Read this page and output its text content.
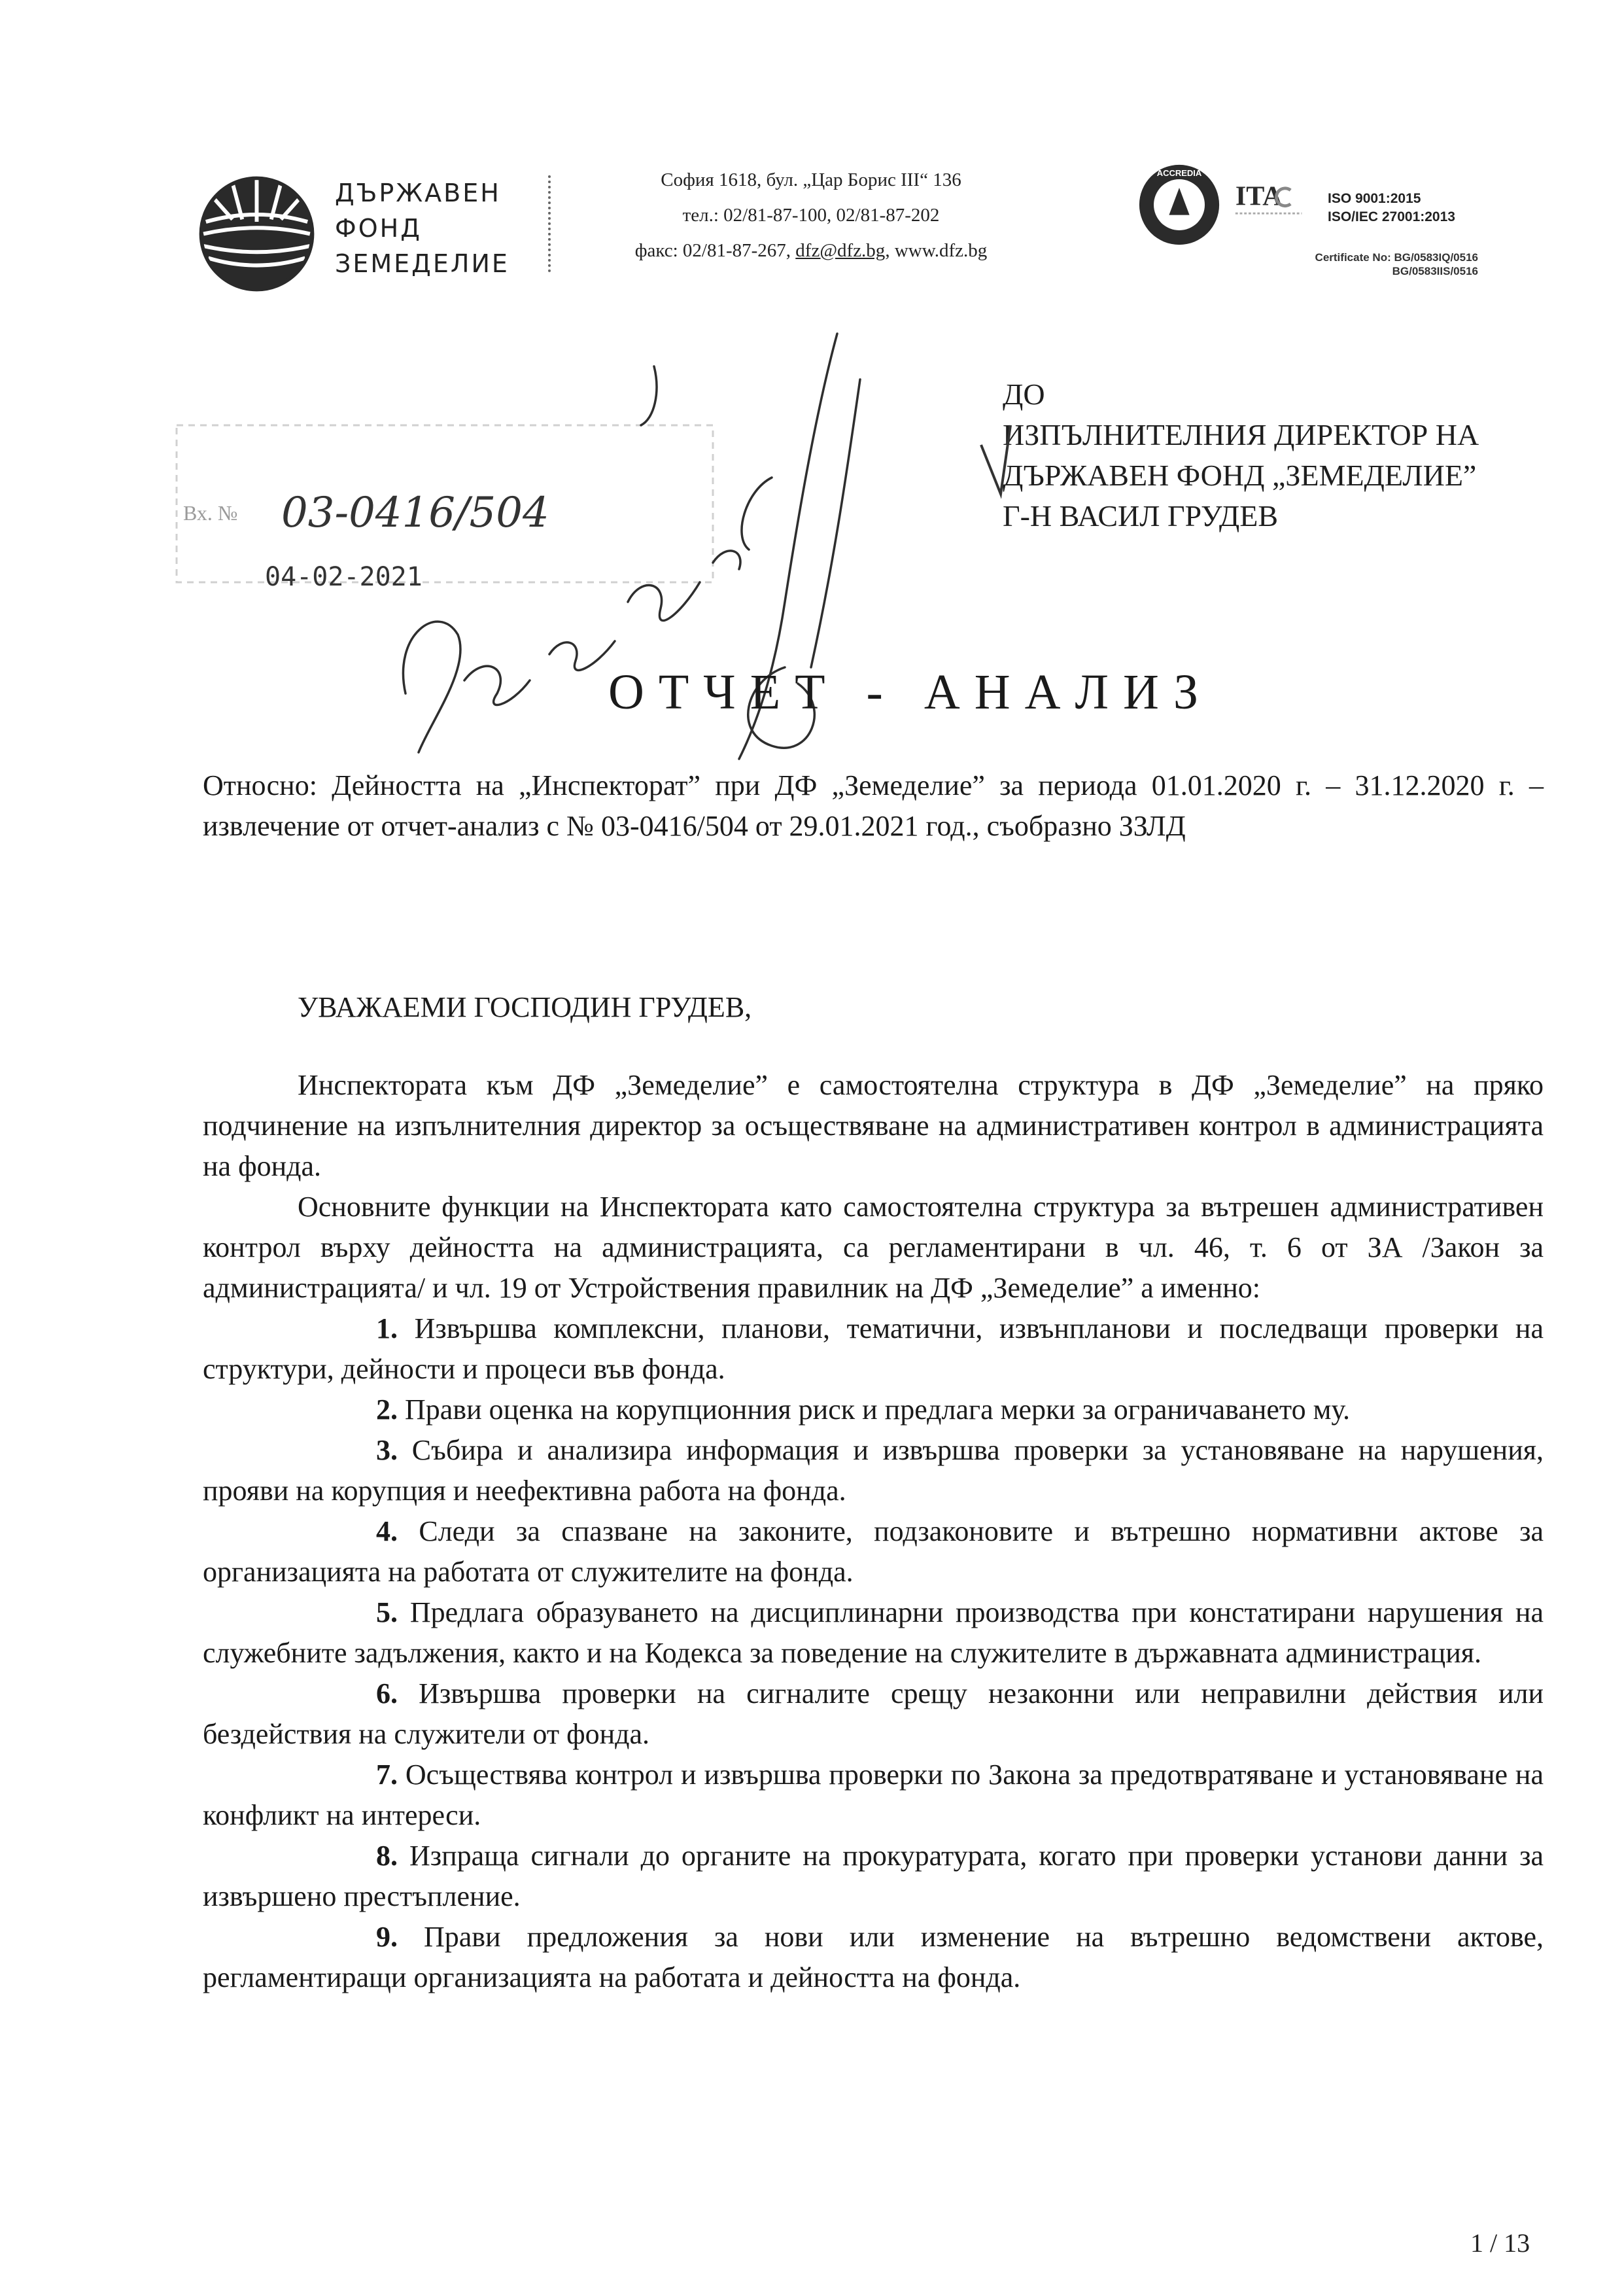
ДЪРЖАВЕН
ФОНД
ЗЕМЕДЕЛИЕ
София 1618, бул. „Цар Борис III“ 136
тел.: 02/81-87-100, 02/81-87-202
факс: 02/81-87-267, dfz@dfz.bg, www.dfz.bg
ACCREDIA
ITA	ISO 9001:2015
ISO/IEC 27001:2013
Certificate No: BG/0583IQ/0516
BG/0583IIS/0516
ДО
ИЗПЪЛНИТЕЛНИЯ ДИРЕКТОР НА
ДЪРЖАВЕН ФОНД „ЗЕМЕДЕЛИЕ”
Г-Н ВАСИЛ ГРУДЕВ
Вх. № 03-0416/504
04-02-2021
ОТЧЕТ - АНАЛИЗ
Относно: Дейността на „Инспекторат” при ДФ „Земеделие” за периода 01.01.2020 г. – 31.12.2020 г. – извлечение от отчет-анализ с № 03-0416/504 от 29.01.2021 год., съобразно ЗЗЛД
УВАЖАЕМИ ГОСПОДИН ГРУДЕВ,

Инспектората към ДФ „Земеделие” е самостоятелна структура в ДФ „Земеделие” на пряко подчинение на изпълнителния директор за осъществяване на административен контрол в администрацията на фонда.

Основните функции на Инспектората като самостоятелна структура за вътрешен административен контрол върху дейността на администрацията, са регламентирани в чл. 46, т. 6 от ЗА /Закон за администрацията/ и чл. 19 от Устройствения правилник на ДФ „Земеделие” а именно:

1. Извършва комплексни, планови, тематични, извънпланови и последващи проверки на структури, дейности и процеси във фонда.

2. Прави оценка на корупционния риск и предлага мерки за ограничаването му.

3. Събира и анализира информация и извършва проверки за установяване на нарушения, прояви на корупция и неефективна работа на фонда.

4. Следи за спазване на законите, подзаконовите и вътрешно нормативни актове за организацията на работата от служителите на фонда.

5. Предлага образуването на дисциплинарни производства при констатирани нарушения на служебните задължения, както и на Кодекса за поведение на служителите в държавната администрация.

6. Извършва проверки на сигналите срещу незаконни или неправилни действия или бездействия на служители от фонда.

7. Осъществява контрол и извършва проверки по Закона за предотвратяване и установяване на конфликт на интереси.

8. Изпраща сигнали до органите на прокуратурата, когато при проверки установи данни за извършено престъпление.

9. Прави предложения за нови или изменение на вътрешно ведомствени актове, регламентиращи организацията на работата и дейността на фонда.

1 / 13
